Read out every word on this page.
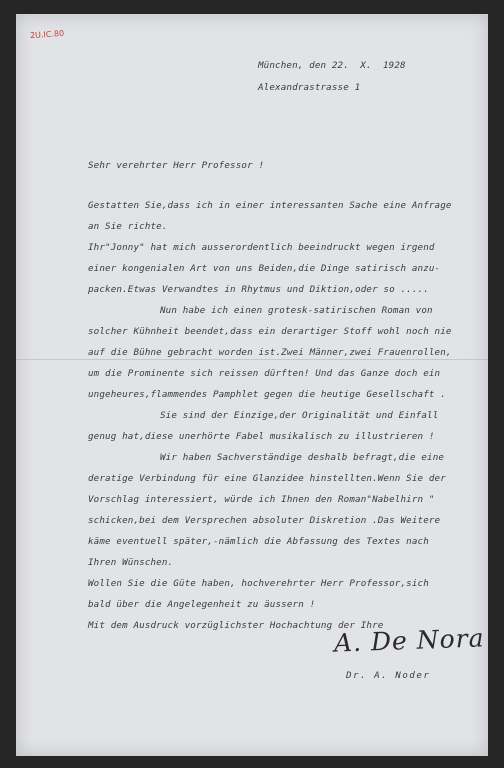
2U.IC.80
München, den 22.  X.  1928
Alexandrastrasse 1
Sehr verehrter Herr Professor !
Gestatten Sie,dass ich in einer interessanten Sache eine Anfrage
an Sie richte.
Ihr"Jonny" hat mich ausserordentlich beeindruckt wegen irgend
einer kongenialen Art von uns Beiden,die Dinge satirisch anzu-
packen.Etwas Verwandtes in Rhytmus und Diktion,oder so .....
Nun habe ich einen grotesk-satirischen Roman von
solcher Kühnheit beendet,dass ein derartiger Stoff wohl noch nie
auf die Bühne gebracht worden ist.Zwei Männer,zwei Frauenrollen,
um die Prominente sich reissen dürften! Und das Ganze doch ein
ungeheures,flammendes Pamphlet gegen die heutige Gesellschaft .
Sie sind der Einzige,der Originalität und Einfall
genug hat,diese unerhörte Fabel musikalisch zu illustrieren !
Wir haben Sachverständige deshalb befragt,die eine
deratige Verbindung für eine Glanzidee hinstellten.Wenn Sie der
Vorschlag interessiert, würde ich Ihnen den Roman"Nabelhirn "
schicken,bei dem Versprechen absoluter Diskretion .Das Weitere
käme eventuell später,-nämlich die Abfassung des Textes nach
Ihren Wünschen.
Wollen Sie die Güte haben, hochverehrter Herr Professor,sich
bald über die Angelegenheit zu äussern !
Mit dem Ausdruck vorzüglichster Hochachtung der Ihre
A. De Nora
Dr. A. Noder
